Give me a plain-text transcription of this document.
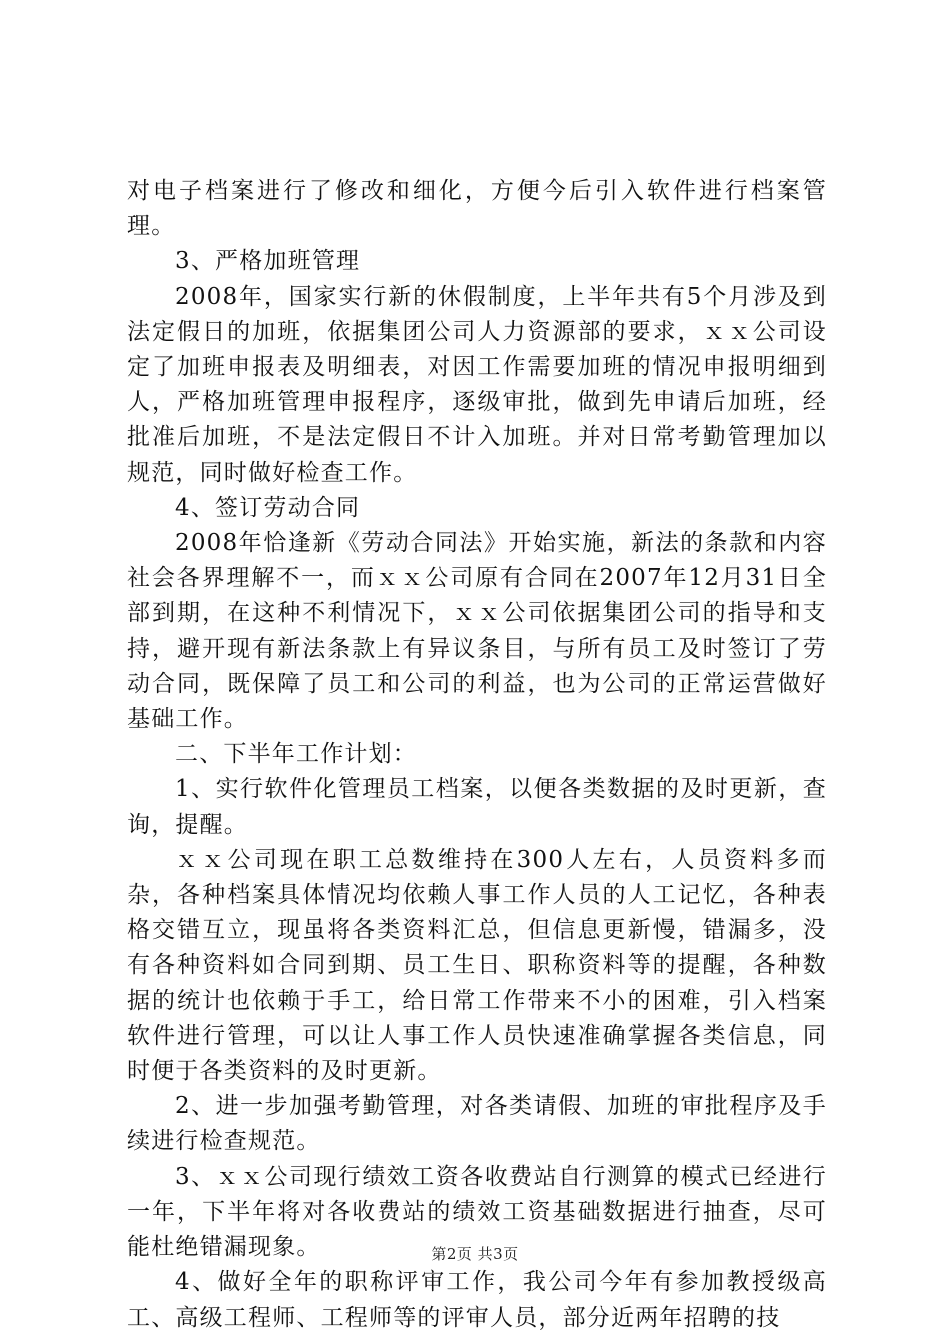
对电子档案进行了修改和细化，方便今后引入软件进行档案管理。

3、严格加班管理

2008年，国家实行新的休假制度，上半年共有5个月涉及到法定假日的加班，依据集团公司人力资源部的要求，ｘｘ公司设定了加班申报表及明细表，对因工作需要加班的情况申报明细到人，严格加班管理申报程序，逐级审批，做到先申请后加班，经批准后加班，不是法定假日不计入加班。并对日常考勤管理加以规范，同时做好检查工作。

4、签订劳动合同

2008年恰逢新《劳动合同法》开始实施，新法的条款和内容社会各界理解不一，而ｘｘ公司原有合同在2007年12月31日全部到期，在这种不利情况下，ｘｘ公司依据集团公司的指导和支持，避开现有新法条款上有异议条目，与所有员工及时签订了劳动合同，既保障了员工和公司的利益，也为公司的正常运营做好基础工作。

二、下半年工作计划：

1、实行软件化管理员工档案，以便各类数据的及时更新，查询，提醒。

ｘｘ公司现在职工总数维持在300人左右，人员资料多而杂，各种档案具体情况均依赖人事工作人员的人工记忆，各种表格交错互立，现虽将各类资料汇总，但信息更新慢，错漏多，没有各种资料如合同到期、员工生日、职称资料等的提醒，各种数据的统计也依赖于手工，给日常工作带来不小的困难，引入档案软件进行管理，可以让人事工作人员快速准确掌握各类信息，同时便于各类资料的及时更新。

2、进一步加强考勤管理，对各类请假、加班的审批程序及手续进行检查规范。

3、ｘｘ公司现行绩效工资各收费站自行测算的模式已经进行一年，下半年将对各收费站的绩效工资基础数据进行抽查，尽可能杜绝错漏现象。

4、做好全年的职称评审工作，我公司今年有参加教授级高工、高级工程师、工程师等的评审人员，部分近两年招聘的技

第2页 共3页
